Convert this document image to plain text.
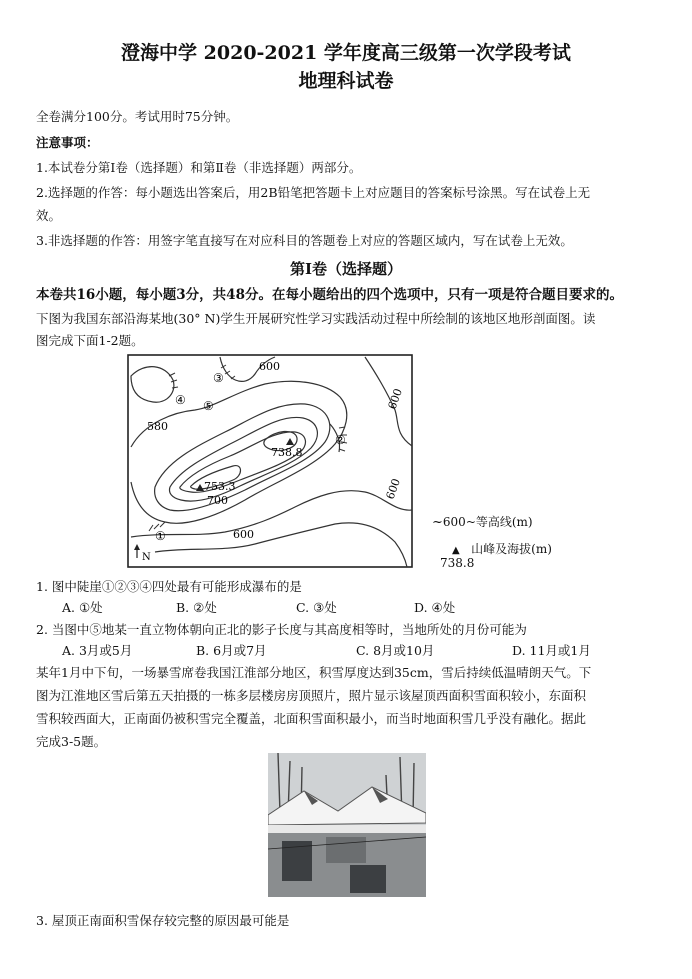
澄海中学 2020-2021 学年度高三级第一次学段考试
地理科试卷
全卷满分100分。考试用时75分钟。
注意事项：
1.本试卷分第Ⅰ卷（选择题）和第Ⅱ卷（非选择题）两部分。
2.选择题的作答：每小题选出答案后，用2B铅笔把答题卡上对应题目的答案标号涂黑。写在试卷上无
效。
3.非选择题的作答：用签字笔直接写在对应科目的答题卷上对应的答题区域内，写在试卷上无效。
第Ⅰ卷（选择题）
本卷共16小题，每小题3分，共48分。在每小题给出的四个选项中，只有一项是符合题目要求的。
下图为我国东部沿海某地(30° N)学生开展研究性学习实践活动过程中所绘制的该地区地形剖面图。读
图完成下面1-2题。
600
600
600
600
580
700
738.8
753.3
②
①
③
④ ⑤
N
~600~等高线(m)
▲ 山峰及海拔(m)
738.8
1. 图中陡崖①②③④四处最有可能形成瀑布的是
A. ①处	B. ②处	C. ③处	D. ④处
2. 当图中⑤地某一直立物体朝向正北的影子长度与其高度相等时，当地所处的月份可能为
A. 3月或5月	B. 6月或7月	C. 8月或10月	D. 11月或1月
某年1月中下旬，一场暴雪席卷我国江淮部分地区，积雪厚度达到35cm，雪后持续低温晴朗天气。下
图为江淮地区雪后第五天拍摄的一栋多层楼房房顶照片，照片显示该屋顶西面积雪面积较小，东面积
雪积较西面大，正南面仍被积雪完全覆盖，北面积雪面积最小，而当时地面积雪几乎没有融化。据此
完成3-5题。
3. 屋顶正南面积雪保存较完整的原因最可能是
